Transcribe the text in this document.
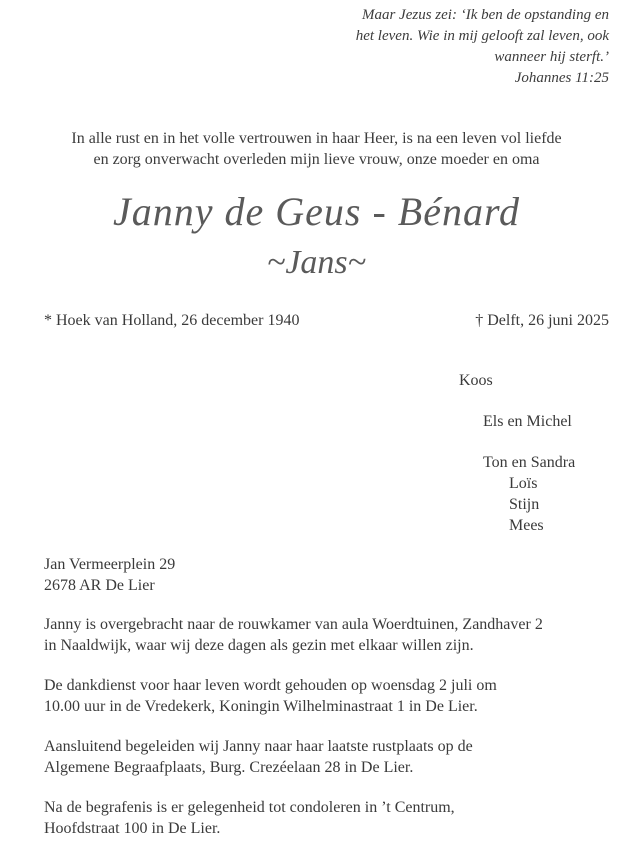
Maar Jezus zei: ‘Ik ben de opstanding en
het leven. Wie in mij gelooft zal leven, ook
wanneer hij sterft.’
Johannes 11:25
In alle rust en in het volle vertrouwen in haar Heer, is na een leven vol liefde
en zorg onverwacht overleden mijn lieve vrouw, onze moeder en oma
Janny de Geus - Bénard
~Jans~
* Hoek van Holland, 26 december 1940	† Delft, 26 juni 2025
Koos
Els en Michel
Ton en Sandra
Loïs
Stijn
Mees
Jan Vermeerplein 29
2678 AR De Lier
Janny is overgebracht naar de rouwkamer van aula Woerdtuinen, Zandhaver 2
in Naaldwijk, waar wij deze dagen als gezin met elkaar willen zijn.
De dankdienst voor haar leven wordt gehouden op woensdag 2 juli om
10.00 uur in de Vredekerk, Koningin Wilhelminastraat 1 in De Lier.
Aansluitend begeleiden wij Janny naar haar laatste rustplaats op de
Algemene Begraafplaats, Burg. Crezéelaan 28 in De Lier.
Na de begrafenis is er gelegenheid tot condoleren in ’t Centrum,
Hoofdstraat 100 in De Lier.
